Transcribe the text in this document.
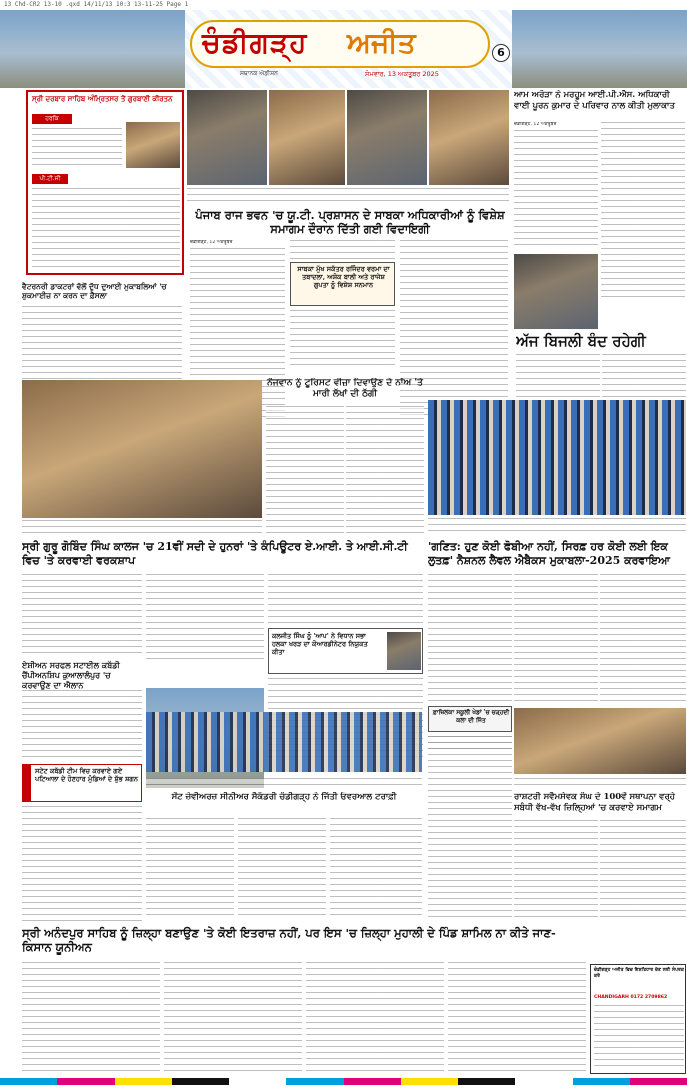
13 Chd-CR2 13-10 .qxd 14/11/13 10:3 13-11-25 Page 1
ਚੰਡੀਗੜ੍ਹ ਅਜੀਤ
ਸਥਾਨਕ ਐਡੀਸ਼ਨ	ਸੋਮਵਾਰ, 13 ਅਕਤੂਬਰ 2025
6
ਸ੍ਰੀ ਦਰਬਾਰ ਸਾਹਿਬ ਅੰਮ੍ਰਿਤਸਰ ਤੋਂ ਗੁਰਬਾਣੀ ਕੀਰਤਨ
ਹਰਕਿ
ਪੀ.ਟੀ.ਸੀ
ਪੰਜਾਬ ਰਾਜ ਭਵਨ 'ਚ ਯੂ.ਟੀ. ਪ੍ਰਸ਼ਾਸਨ ਦੇ ਸਾਬਕਾ ਅਧਿਕਾਰੀਆਂ ਨੂੰ ਵਿਸ਼ੇਸ਼ ਸਮਾਗਮ ਦੌਰਾਨ ਦਿੱਤੀ ਗਈ ਵਿਦਾਇਗੀ
ਆਮ ਅਰੋੜਾ ਨੇ ਮਰਹੂਮ ਆਈ.ਪੀ.ਐਸ. ਅਧਿਕਾਰੀ ਵਾਈ ਪੂਰਨ ਕੁਮਾਰ ਦੇ ਪਰਿਵਾਰ ਨਾਲ ਕੀਤੀ ਮੁਲਾਕਾਤ
ਚੰਡੀਗੜ੍ਹ, 12 ਅਕਤੂਬਰ
ਵੈਟਰਨਰੀ ਡਾਕਟਰਾਂ ਵੱਲੋਂ ਦੁੱਧ ਦੁਆਈ ਮੁਕਾਬਲਿਆਂ 'ਚ ਸ਼ੁਕਮਾਈਜ਼ ਨਾ ਕਰਨ ਦਾ ਫ਼ੈਸਲਾ
ਚੰਡੀਗੜ੍ਹ, 12 ਅਕਤੂਬਰ
ਸਾਬਕਾ ਮੁੱਖ ਸਕੱਤਰ ਰਜਿੰਦਰ ਵਰਮਾ ਦਾ ਤਬਾਦਲਾ, ਅਸ਼ੋਕ ਬਾਲੀ ਅਤੇ ਰਾਜੇਸ਼ ਗੁਪਤਾ ਨੂੰ ਵਿਸ਼ੇਸ਼ ਸਨਮਾਨ
ਅੱਜ ਬਿਜਲੀ ਬੰਦ ਰਹੇਗੀ
ਨੌਜਵਾਨ ਨੂੰ ਟੂਰਿਸਟ ਵੀਜ਼ਾ ਦਿਵਾਉਣ ਦੇ ਨਾਂਅ 'ਤੇ ਮਾਰੀ ਲੱਖਾਂ ਦੀ ਠੱਗੀ
ਸ੍ਰੀ ਗੁਰੂ ਗੋਬਿੰਦ ਸਿੰਘ ਕਾਲਜ 'ਚ 21ਵੀਂ ਸਦੀ ਦੇ ਹੁਨਰਾਂ 'ਤੇ ਕੰਪਿਊਟਰ ਏ.ਆਈ. ਤੇ ਆਈ.ਸੀ.ਟੀ ਵਿਚ 'ਤੇ ਕਰਵਾਈ ਵਰਕਸ਼ਾਪ
'ਗਣਿਤ: ਹੁਣ ਕੋਈ ਫੋਬੀਆ ਨਹੀਂ, ਸਿਰਫ਼ ਹਰ ਕੋਈ ਲਈ ਇਕ ਲੁਤਫ਼' ਨੈਸ਼ਨਲ ਲੈਵਲ ਐਬੈਕਸ ਮੁਕਾਬਲਾ-2025 ਕਰਵਾਇਆ
ਕਲਜੀਤ ਸਿੰਘ ਨੂੰ 'ਆਪ' ਨੇ ਵਿਧਾਨ ਸਭਾ ਹਲਕਾ ਖਰੜ ਦਾ ਕੋਆਰਡੀਨੇਟਰ ਨਿਯੁਕਤ ਕੀਤਾ
ਏਸ਼ੀਅਨ ਸਰਫਲ ਸਟਾਈਲ ਕਬੱਡੀ ਚੈਂਪੀਅਨਸ਼ਿਪ ਕੁਆਲਾਲੰਪੁਰ 'ਚ ਕਰਵਾਉਣ ਦਾ ਐਲਾਨ
ਸਟੇਟ ਕਬੱਡੀ ਟੀਮ ਵਿਚ ਕਰਵਾਏ ਗਏ ਪਟਿਆਲਾ ਦੇ ਹੋਣਹਾਰ ਮੁੰਡਿਆਂ ਦੇ ਸ਼ੁੱਭ ਸ਼ਗਨ
ਸੇਂਟ ਜ਼ੇਵੀਅਰਜ਼ ਸੀਨੀਅਰ ਸੈਕੰਡਰੀ ਚੰਡੀਗੜ੍ਹ ਨੇ ਜਿੱਤੀ ਓਵਰਆਲ ਟਰਾਫ਼ੀ
ਫ਼ਾਜ਼ਿਲਕਾ ਸਕੂਲੀ ਖੇਡਾਂ 'ਚ ਚੜ੍ਹਦੀ ਕਲਾ ਦੀ ਜਿੱਤ
ਰਾਸ਼ਟਰੀ ਸਵੈਮਸੇਵਕ ਸੰਘ ਦੇ 100ਵੇਂ ਸਥਾਪਨਾ ਵਰ੍ਹੇ ਸਬੰਧੀ ਵੱਖ-ਵੱਖ ਜ਼ਿਲ੍ਹਿਆਂ 'ਚ ਕਰਵਾਏ ਸਮਾਗਮ
ਸ੍ਰੀ ਅਨੰਦਪੁਰ ਸਾਹਿਬ ਨੂੰ ਜ਼ਿਲ੍ਹਾ ਬਣਾਉਣ 'ਤੇ ਕੋਈ ਇਤਰਾਜ਼ ਨਹੀਂ, ਪਰ ਇਸ 'ਚ ਜ਼ਿਲ੍ਹਾ ਮੁਹਾਲੀ ਦੇ ਪਿੰਡ ਸ਼ਾਮਿਲ ਨਾ ਕੀਤੇ ਜਾਣ- ਕਿਸਾਨ ਯੂਨੀਅਨ
ਚੰਡੀਗੜ੍ਹ ਅਜੀਤ ਵਿਚ ਇਸ਼ਤਿਹਾਰ ਦੇਣ ਲਈ ਸੰਪਰਕ ਕਰੋ
CHANDIGARH 0172 2709862
